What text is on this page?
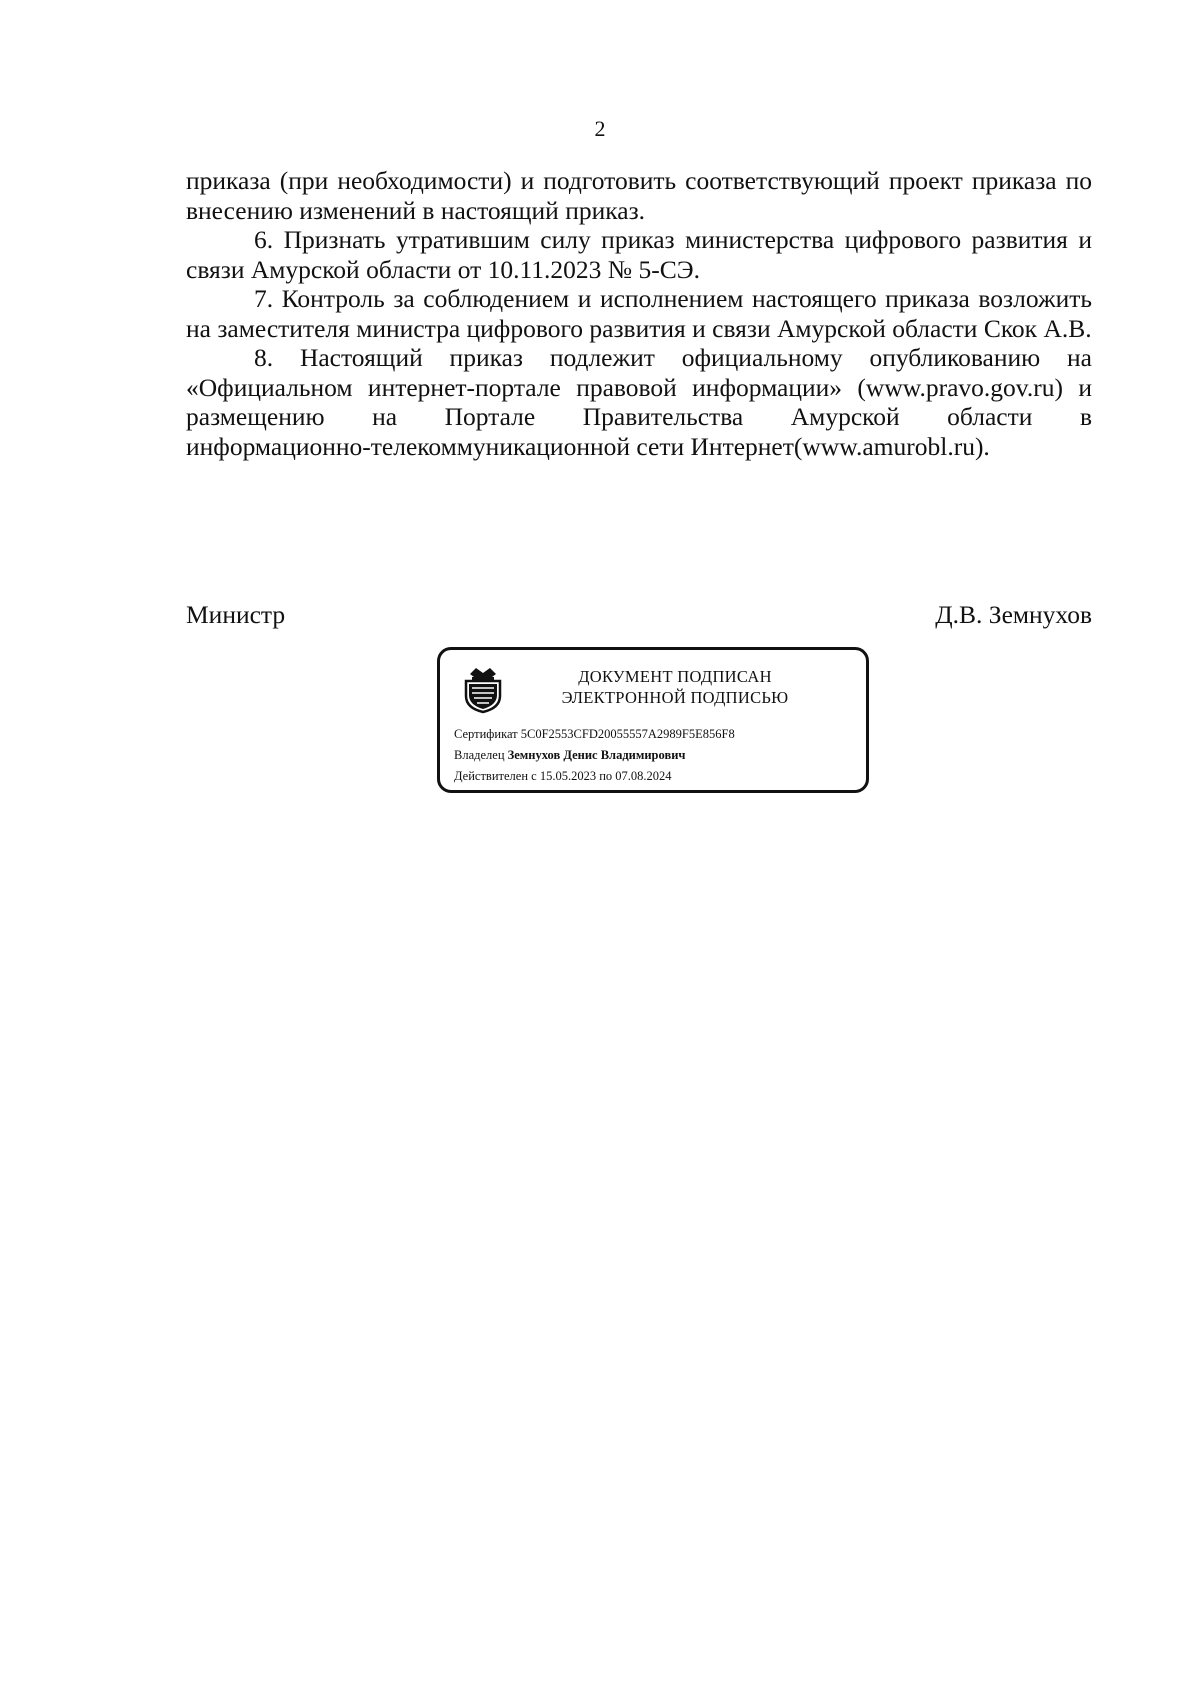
2

приказа (при необходимости) и подготовить соответствующий проект приказа по внесению изменений в настоящий приказ.

6. Признать утратившим силу приказ министерства цифрового развития и связи Амурской области от 10.11.2023 № 5-СЭ.

7. Контроль за соблюдением и исполнением настоящего приказа возложить на заместителя министра цифрового развития и связи Амурской области Скок А.В.

8. Настоящий приказ подлежит официальному опубликованию на «Официальном интернет-портале правовой информации» (www.pravo.gov.ru) и размещению на Портале Правительства Амурской области в

информационно-телекоммуникационной сети Интернет(www.amurobl.ru).

Министр	Д.В. Земнухов
ДОКУМЕНТ ПОДПИСАН
ЭЛЕКТРОННОЙ ПОДПИСЬЮ
Сертификат 5C0F2553CFD20055557A2989F5E856F8
Владелец Земнухов Денис Владимирович
Действителен с 15.05.2023 по 07.08.2024
